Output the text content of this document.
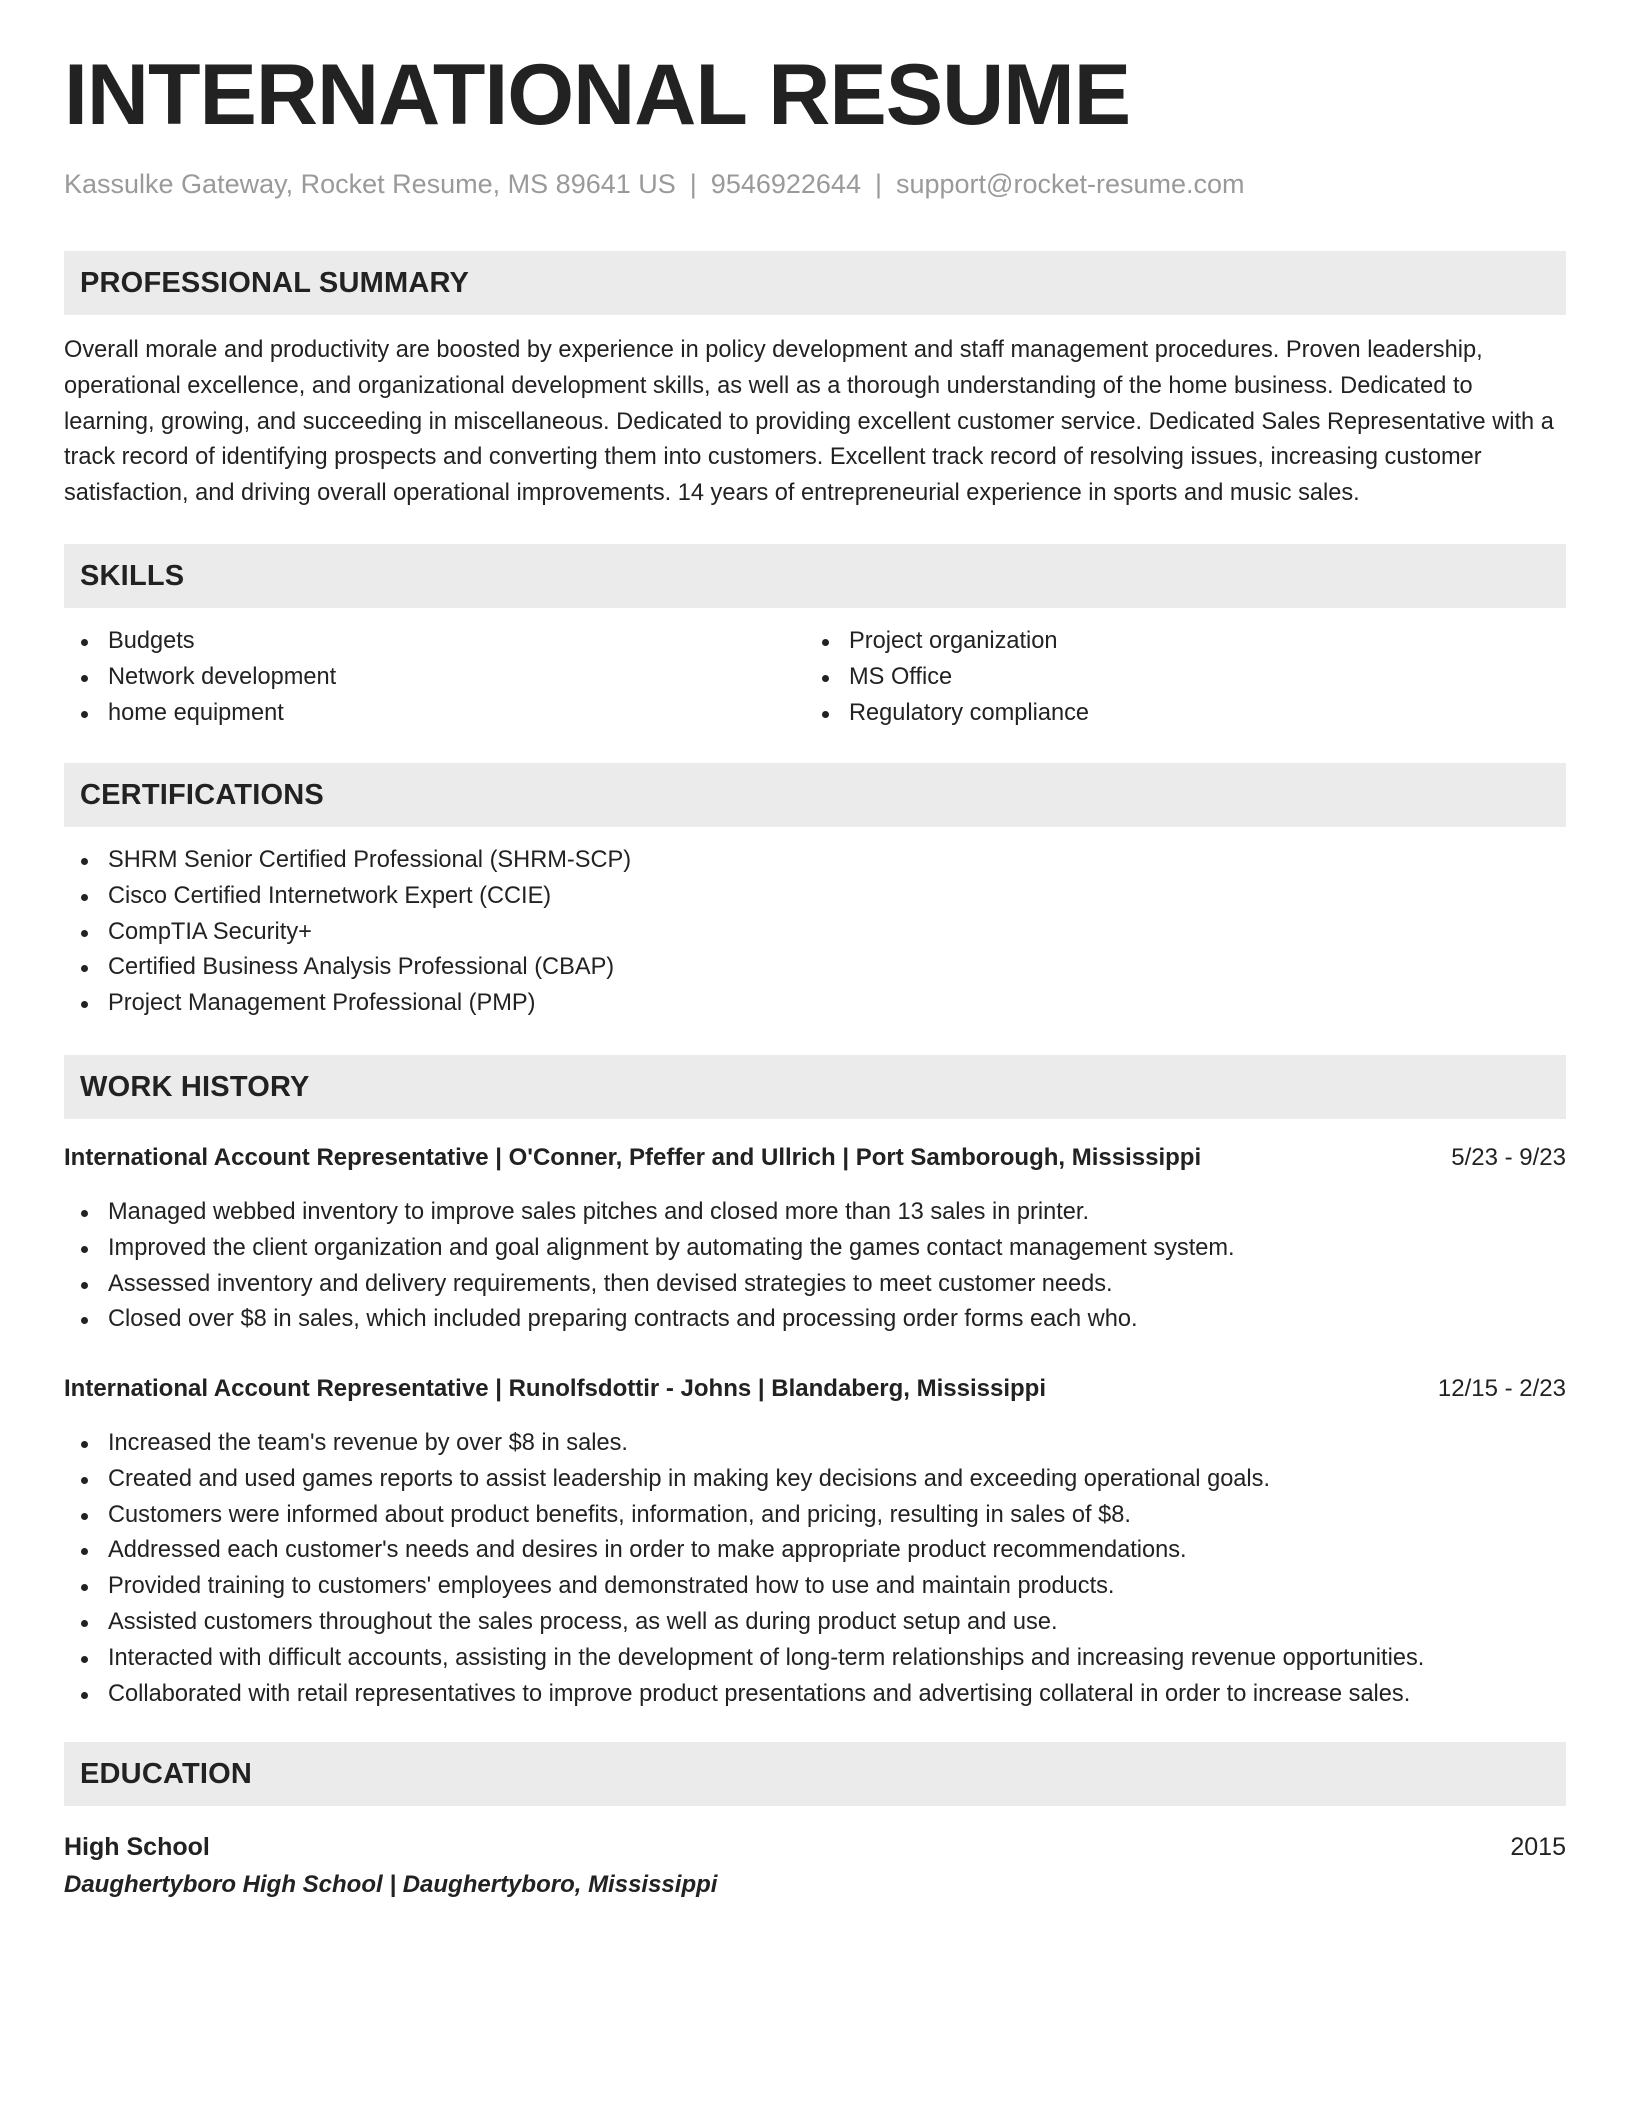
INTERNATIONAL RESUME
Kassulke Gateway, Rocket Resume, MS 89641 US | 9546922644 | support@rocket-resume.com
PROFESSIONAL SUMMARY

Overall morale and productivity are boosted by experience in policy development and staff management procedures. Proven leadership, operational excellence, and organizational development skills, as well as a thorough understanding of the home business. Dedicated to learning, growing, and succeeding in miscellaneous. Dedicated to providing excellent customer service. Dedicated Sales Representative with a track record of identifying prospects and converting them into customers. Excellent track record of resolving issues, increasing customer satisfaction, and driving overall operational improvements. 14 years of entrepreneurial experience in sports and music sales.

SKILLS
Budgets
Network development
home equipment
Project organization
MS Office
Regulatory compliance
CERTIFICATIONS
SHRM Senior Certified Professional (SHRM-SCP)
Cisco Certified Internetwork Expert (CCIE)
CompTIA Security+
Certified Business Analysis Professional (CBAP)
Project Management Professional (PMP)
WORK HISTORY
International Account Representative | O'Conner, Pfeffer and Ullrich | Port Samborough, Mississippi	5/23 - 9/23
Managed webbed inventory to improve sales pitches and closed more than 13 sales in printer.
Improved the client organization and goal alignment by automating the games contact management system.
Assessed inventory and delivery requirements, then devised strategies to meet customer needs.
Closed over $8 in sales, which included preparing contracts and processing order forms each who.
International Account Representative | Runolfsdottir - Johns | Blandaberg, Mississippi	12/15 - 2/23
Increased the team's revenue by over $8 in sales.
Created and used games reports to assist leadership in making key decisions and exceeding operational goals.
Customers were informed about product benefits, information, and pricing, resulting in sales of $8.
Addressed each customer's needs and desires in order to make appropriate product recommendations.
Provided training to customers' employees and demonstrated how to use and maintain products.
Assisted customers throughout the sales process, as well as during product setup and use.
Interacted with difficult accounts, assisting in the development of long-term relationships and increasing revenue opportunities.
Collaborated with retail representatives to improve product presentations and advertising collateral in order to increase sales.
EDUCATION
High School	2015
Daughertyboro High School | Daughertyboro, Mississippi
